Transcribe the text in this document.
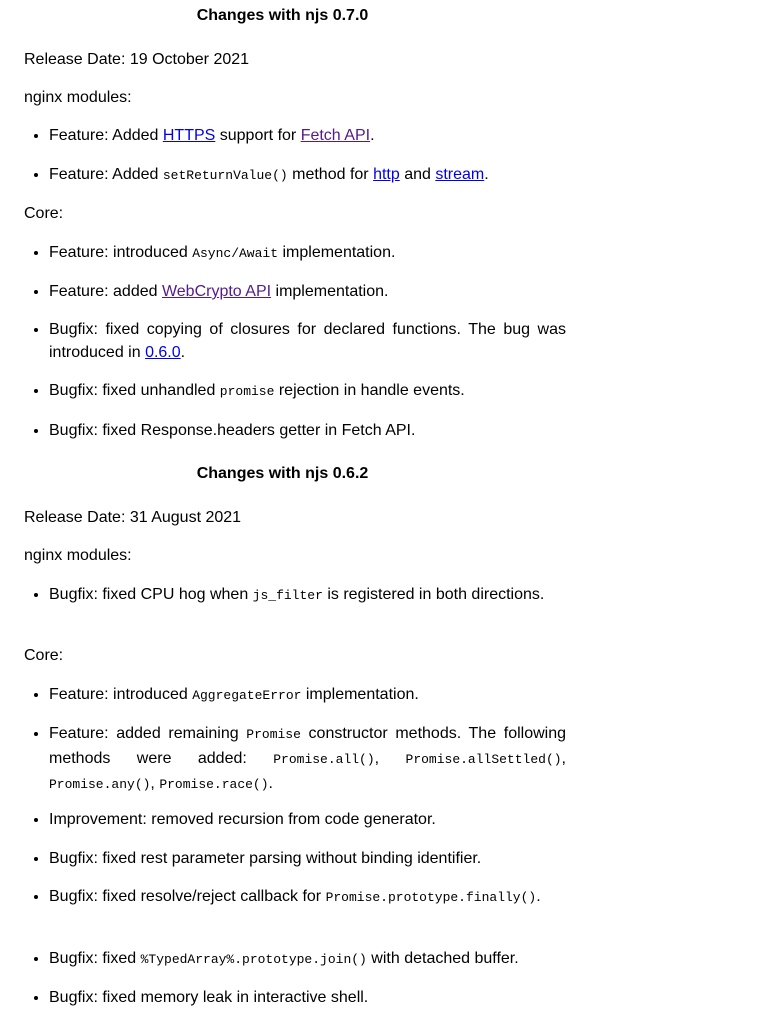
Changes with njs 0.7.0

Release Date: 19 October 2021

nginx modules:

• Feature: Added HTTPS support for Fetch API.
• Feature: Added setReturnValue() method for http and stream.

Core:

• Feature: introduced Async/Await implementation.
• Feature: added WebCrypto API implementation.
• Bugfix: fixed copying of closures for declared functions. The bug was introduced in 0.6.0.
• Bugfix: fixed unhandled promise rejection in handle events.
• Bugfix: fixed Response.headers getter in Fetch API.
Changes with njs 0.6.2

Release Date: 31 August 2021

nginx modules:

• Bugfix: fixed CPU hog when js_filter is registered in both directions.

Core:

• Feature: introduced AggregateError implementation.
• Feature: added remaining Promise constructor methods. The following methods were added: Promise.all(), Promise.allSettled(), Promise.any(), Promise.race().
• Improvement: removed recursion from code generator.
• Bugfix: fixed rest parameter parsing without binding identifier.
• Bugfix: fixed resolve/reject callback for Promise.prototype.finally().
• Bugfix: fixed %TypedArray%.prototype.join() with detached buffer.
• Bugfix: fixed memory leak in interactive shell.
